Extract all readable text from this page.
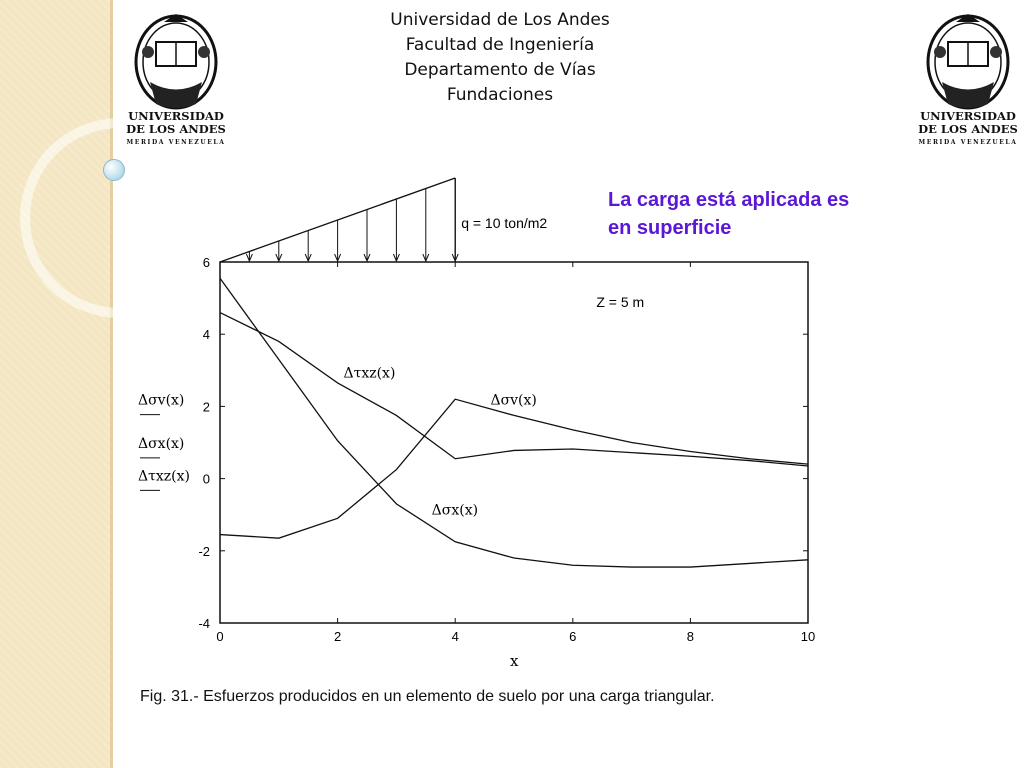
Universidad de Los Andes
Facultad de Ingeniería
Departamento de Vías
Fundaciones
UNIVERSIDAD
DE LOS ANDES
MERIDA VENEZUELA
UNIVERSIDAD
DE LOS ANDES
MERIDA VENEZUELA
La carga está aplicada es
en superficie
0	2	4	6	8	10
-4
-2
0
2
4
6
q = 10 ton/m2
Z = 5 m
x
Δσv(x)
Δσx(x)
Δτxz(x)
Δσv(x)
Δσx(x)
Δτxz(x)
Fig. 31.- Esfuerzos producidos en un elemento de suelo por una carga triangular.
